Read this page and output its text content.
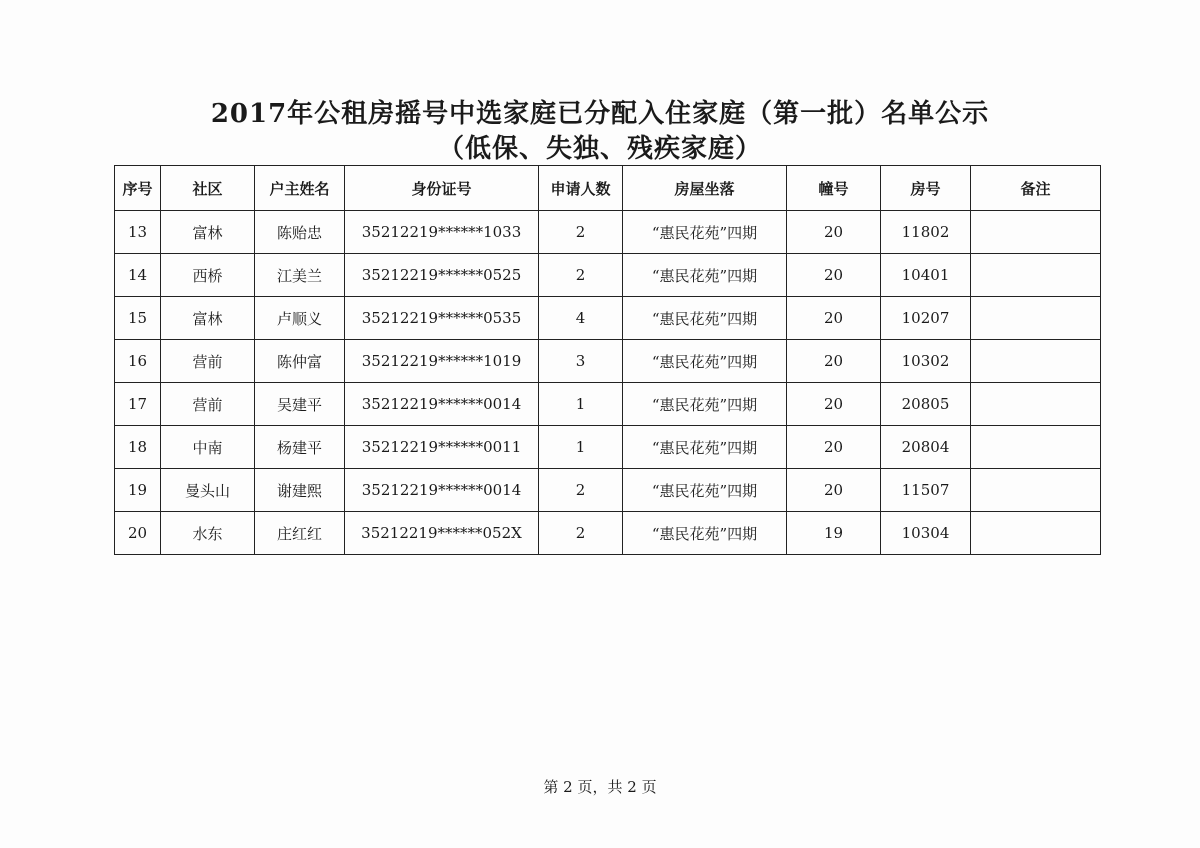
2017年公租房摇号中选家庭已分配入住家庭（第一批）名单公示
（低保、失独、残疾家庭）
序号	社区	户主姓名	身份证号	申请人数	房屋坐落	幢号	房号	备注
13	富林	陈贻忠	35212219******1033	2	“惠民花苑”四期	20	11802	
14	西桥	江美兰	35212219******0525	2	“惠民花苑”四期	20	10401	
15	富林	卢顺义	35212219******0535	4	“惠民花苑”四期	20	10207	
16	营前	陈仲富	35212219******1019	3	“惠民花苑”四期	20	10302	
17	营前	吴建平	35212219******0014	1	“惠民花苑”四期	20	20805	
18	中南	杨建平	35212219******0011	1	“惠民花苑”四期	20	20804	
19	曼头山	谢建熙	35212219******0014	2	“惠民花苑”四期	20	11507	
20	水东	庄红红	35212219******052X	2	“惠民花苑”四期	19	10304	
第 2 页，共 2 页
